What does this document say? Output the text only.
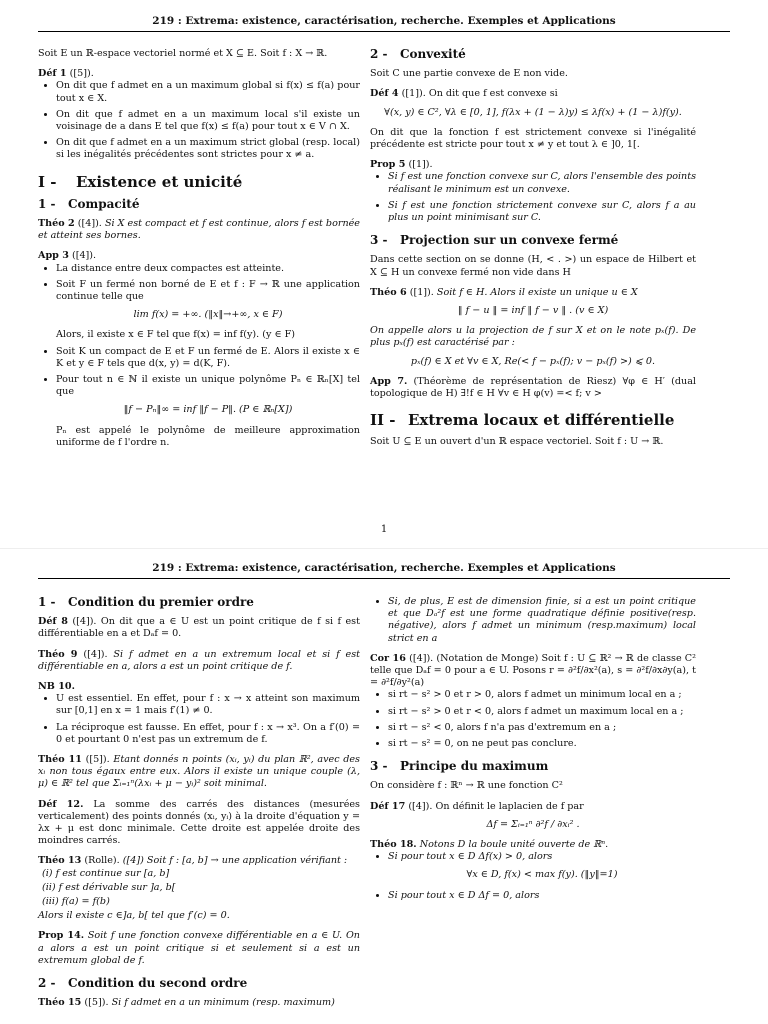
219 : Extrema: existence, caractérisation, recherche. Exemples et Applications
Soit E un ℝ-espace vectoriel normé et X ⊆ E. Soit f : X → ℝ.
Déf 1 ([5]).
• On dit que f admet en a un maximum global si f(x) ≤ f(a) pour tout x ∈ X.
• On dit que f admet en a un maximum local s'il existe un voisinage de a dans E tel que f(x) ≤ f(a) pour tout x ∈ V ∩ X.
• On dit que f admet en a un maximum strict global (resp. local) si les inégalités précédentes sont strictes pour x ≠ a.
I - Existence et unicité
1 - Compacité
Théo 2 ([4]). Si X est compact et f est continue, alors f est bornée et atteint ses bornes.
App 3 ([4]).
• La distance entre deux compactes est atteinte.
• Soit F un fermé non borné de E et f : F → ℝ une application continue telle que
lim f(x) = +∞. (‖x‖→+∞, x ∈ F)
Alors, il existe x ∈ F tel que f(x) = inf f(y). (y ∈ F)
• Soit K un compact de E et F un fermé de E. Alors il existe x ∈ K et y ∈ F tels que d(x, y) = d(K, F).
• Pour tout n ∈ ℕ il existe un unique polynôme Pₙ ∈ ℝₙ[X] tel que
‖f − Pₙ‖∞ = inf ‖f − P‖. (P ∈ ℝₙ[X])
Pₙ est appelé le polynôme de meilleure approximation uniforme de f l'ordre n.
2 - Convexité
Soit C une partie convexe de E non vide.
Déf 4 ([1]). On dit que f est convexe si
∀(x, y) ∈ C², ∀λ ∈ [0, 1], f(λx + (1 − λ)y) ≤ λf(x) + (1 − λ)f(y).
On dit que la fonction f est strictement convexe si l'inégalité précédente est stricte pour tout x ≠ y et tout λ ∈ ]0, 1[.
Prop 5 ([1]).
• Si f est une fonction convexe sur C, alors l'ensemble des points réalisant le minimum est un convexe.
• Si f est une fonction strictement convexe sur C, alors f a au plus un point minimisant sur C.
3 - Projection sur un convexe fermé
Dans cette section on se donne (H, < . >) un espace de Hilbert et X ⊆ H un convexe fermé non vide dans H
Théo 6 ([1]). Soit f ∈ H. Alors il existe un unique u ∈ X
‖ f − u ‖ = inf ‖ f − v ‖ . (v ∈ X)
On appelle alors u la projection de f sur X et on le note pₓ(f). De plus pₓ(f) est caractérisé par :
pₓ(f) ∈ X et ∀v ∈ X, Re(< f − pₓ(f); v − pₓ(f) >) ⩽ 0.
App 7. (Théorème de représentation de Riesz) ∀φ ∈ H′ (dual topologique de H) ∃!f ∈ H ∀v ∈ H φ(v) =< f; v >
II - Extrema locaux et différentielle
Soit U ⊆ E un ouvert d'un ℝ espace vectoriel. Soit f : U → ℝ.
1
219 : Extrema: existence, caractérisation, recherche. Exemples et Applications
1 - Condition du premier ordre
Déf 8 ([4]). On dit que a ∈ U est un point critique de f si f est différentiable en a et Dₐf = 0.
Théo 9 ([4]). Si f admet en a un extremum local et si f est différentiable en a, alors a est un point critique de f.
NB 10.
• U est essentiel. En effet, pour f : x → x atteint son maximum sur [0,1] en x = 1 mais f′(1) ≠ 0.
• La réciproque est fausse. En effet, pour f : x → x³. On a f′(0) = 0 et pourtant 0 n'est pas un extremum de f.
Théo 11 ([5]). Etant donnés n points (xᵢ, yᵢ) du plan ℝ², avec des xᵢ non tous égaux entre eux. Alors il existe un unique couple (λ, μ) ∈ ℝ² tel que Σᵢ₌₁ⁿ(λxᵢ + μ − yᵢ)² soit minimal.
Déf 12. La somme des carrés des distances (mesurées verticalement) des points donnés (xᵢ, yᵢ) à la droite d'équation y = λx + μ est donc minimale. Cette droite est appelée droite des moindres carrés.
Théo 13 (Rolle). ([4]) Soit f : [a, b] → une application vérifiant :
(i) f est continue sur [a, b]
(ii) f est dérivable sur ]a, b[
(iii) f(a) = f(b)
Alors il existe c ∈]a, b[ tel que f′(c) = 0.
Prop 14. Soit f une fonction convexe différentiable en a ∈ U. On a alors a est un point critique si et seulement si a est un extremum global de f.
2 - Condition du second ordre
Théo 15 ([5]). Si f admet en a un minimum (resp. maximum)
• Si, de plus, E est de dimension finie, si a est un point critique et que Dₐ²f est une forme quadratique définie positive(resp. négative), alors f admet un minimum (resp.maximum) local strict en a
Cor 16 ([4]). (Notation de Monge) Soit f : U ⊆ ℝ² → ℝ de classe C² telle que Dₐf = 0 pour a ∈ U. Posons r = ∂²f/∂x²(a), s = ∂²f/∂x∂y(a), t = ∂²f/∂y²(a)
• si rt − s² > 0 et r > 0, alors f admet un minimum local en a ;
• si rt − s² > 0 et r < 0, alors f admet un maximum local en a ;
• si rt − s² < 0, alors f n'a pas d'extremum en a ;
• si rt − s² = 0, on ne peut pas conclure.
3 - Principe du maximum
On considère f : ℝⁿ → ℝ une fonction C²
Déf 17 ([4]). On définit le laplacien de f par
Δf = Σᵢ₌₁ⁿ ∂²f / ∂xᵢ² .
Théo 18. Notons D la boule unité ouverte de ℝⁿ.
• Si pour tout x ∈ D Δf(x) > 0, alors
∀x ∈ D, f(x) < max f(y). (‖y‖=1)
• Si pour tout x ∈ D Δf = 0, alors
